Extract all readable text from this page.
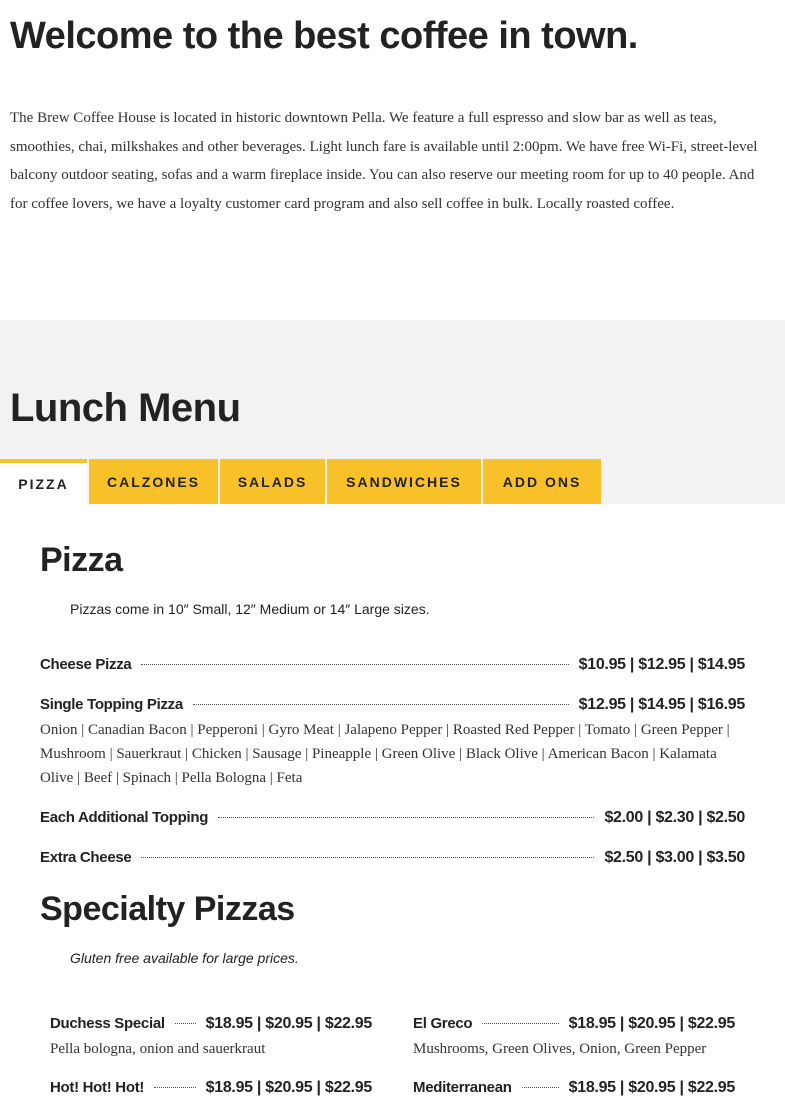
Welcome to the best coffee in town.

The Brew Coffee House is located in historic downtown Pella. We feature a full espresso and slow bar as well as teas, smoothies, chai, milkshakes and other beverages. Light lunch fare is available until 2:00pm. We have free Wi-Fi, street-level balcony outdoor seating, sofas and a warm fireplace inside. You can also reserve our meeting room for up to 40 people. And for coffee lovers, we have a loyalty customer card program and also sell coffee in bulk. Locally roasted coffee.

Lunch Menu
PIZZA	CALZONES	SALADS	SANDWICHES	ADD ONS
Pizza
Pizzas come in 10″ Small, 12″ Medium or 14″ Large sizes.
Cheese Pizza	$10.95 | $12.95 | $14.95
Single Topping Pizza	$12.95 | $14.95 | $16.95
Onion | Canadian Bacon | Pepperoni | Gyro Meat | Jalapeno Pepper | Roasted Red Pepper | Tomato | Green Pepper | Mushroom | Sauerkraut | Chicken | Sausage | Pineapple | Green Olive | Black Olive | American Bacon | Kalamata Olive | Beef | Spinach | Pella Bologna | Feta
Each Additional Topping	$2.00 | $2.30 | $2.50
Extra Cheese	$2.50 | $3.00 | $3.50
Specialty Pizzas
Gluten free available for large prices.
Duchess Special	$18.95 | $20.95 | $22.95
Pella bologna, onion and sauerkraut
El Greco	$18.95 | $20.95 | $22.95
Mushrooms, Green Olives, Onion, Green Pepper
Hot! Hot! Hot!	$18.95 | $20.95 | $22.95	Mediterranean	$18.95 | $20.95 | $22.95
